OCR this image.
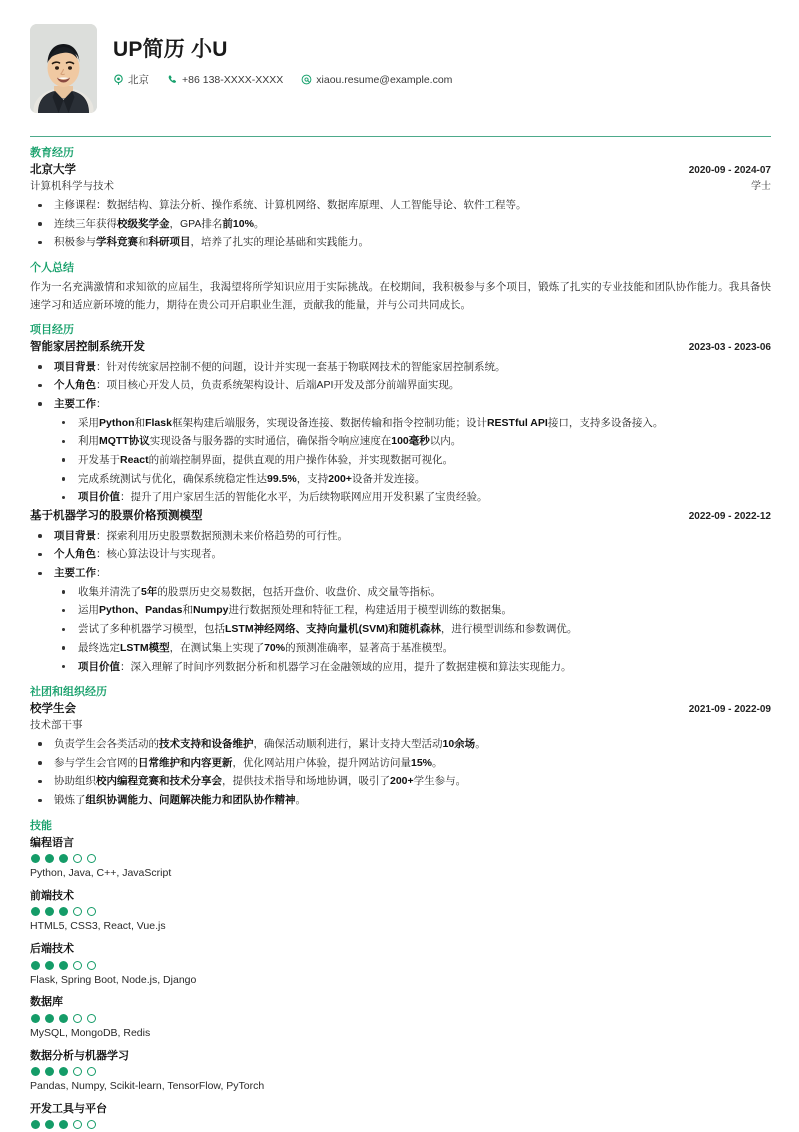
UP简历 小U
北京	+86 138-XXXX-XXXX	xiaou.resume@example.com
教育经历
北京大学	2020-09 - 2024-07
计算机科学与技术	学士
主修课程：数据结构、算法分析、操作系统、计算机网络、数据库原理、人工智能导论、软件工程等。
连续三年获得校级奖学金，GPA排名前10%。
积极参与学科竞赛和科研项目，培养了扎实的理论基础和实践能力。
个人总结
作为一名充满激情和求知欲的应届生，我渴望将所学知识应用于实际挑战。在校期间，我积极参与多个项目，锻炼了扎实的专业技能和团队协作能力。我具备快速学习和适应新环境的能力，期待在贵公司开启职业生涯，贡献我的能量，并与公司共同成长。
项目经历
智能家居控制系统开发	2023-03 - 2023-06
项目背景：针对传统家居控制不便的问题，设计并实现一套基于物联网技术的智能家居控制系统。
个人角色：项目核心开发人员，负责系统架构设计、后端API开发及部分前端界面实现。
主要工作：
采用Python和Flask框架构建后端服务，实现设备连接、数据传输和指令控制功能；设计RESTful API接口，支持多设备接入。
利用MQTT协议实现设备与服务器的实时通信，确保指令响应速度在100毫秒以内。
开发基于React的前端控制界面，提供直观的用户操作体验，并实现数据可视化。
完成系统测试与优化，确保系统稳定性达99.5%，支持200+设备并发连接。
项目价值：提升了用户家居生活的智能化水平，为后续物联网应用开发积累了宝贵经验。
基于机器学习的股票价格预测模型	2022-09 - 2022-12
项目背景：探索利用历史股票数据预测未来价格趋势的可行性。
个人角色：核心算法设计与实现者。
主要工作：
收集并清洗了5年的股票历史交易数据，包括开盘价、收盘价、成交量等指标。
运用Python、Pandas和Numpy进行数据预处理和特征工程，构建适用于模型训练的数据集。
尝试了多种机器学习模型，包括LSTM神经网络、支持向量机(SVM)和随机森林，进行模型训练和参数调优。
最终选定LSTM模型，在测试集上实现了70%的预测准确率，显著高于基准模型。
项目价值：深入理解了时间序列数据分析和机器学习在金融领域的应用，提升了数据建模和算法实现能力。
社团和组织经历
校学生会	2021-09 - 2022-09
技术部干事
负责学生会各类活动的技术支持和设备维护，确保活动顺利进行，累计支持大型活动10余场。
参与学生会官网的日常维护和内容更新，优化网站用户体验，提升网站访问量15%。
协助组织校内编程竞赛和技术分享会，提供技术指导和场地协调，吸引了200+学生参与。
锻炼了组织协调能力、问题解决能力和团队协作精神。
技能
编程语言
Python, Java, C++, JavaScript
前端技术
HTML5, CSS3, React, Vue.js
后端技术
Flask, Spring Boot, Node.js, Django
数据库
MySQL, MongoDB, Redis
数据分析与机器学习
Pandas, Numpy, Scikit-learn, TensorFlow, PyTorch
开发工具与平台
